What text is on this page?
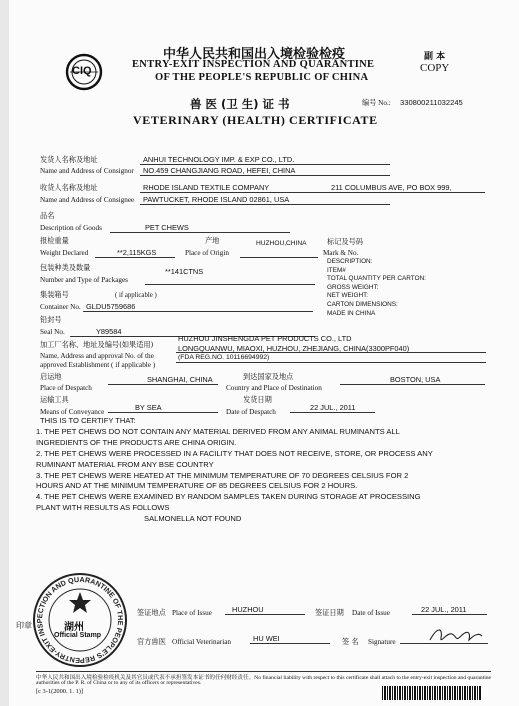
中华人民共和国出入境检验检疫
ENTRY-EXIT INSPECTION AND QUARANTINE
OF THE PEOPLE'S REPUBLIC OF CHINA
副 本
COPY
CIQ
兽 医 (卫 生) 证 书
VETERINARY (HEALTH) CERTIFICATE
编号 No.: 330800211032245
发货人名称及地址
Name and Address of Consignor
ANHUI TECHNOLOGY IMP. & EXP CO., LTD.
NO.459 CHANGJIANG ROAD, HEFEI, CHINA
收货人名称及地址
Name and Address of Consignee
RHODE ISLAND TEXTILE COMPANY	211 COLUMBUS AVE, PO BOX 999,
PAWTUCKET, RHODE ISLAND 02861, USA
品名
Description of Goods	PET CHEWS
报检重量
Weight Declared	**2,115KGS
产地
Place of Origin
HUZHOU,CHINA	标记及号码
Mark & No.
DESCRIPTION:
ITEM#
TOTAL QUANTITY PER CARTON:
GROSS WEIGHT:
NET WEIGHT:
CARTON DIMENSIONS:
MADE IN CHINA
包装种类及数量
Number and Type of Packages
**141CTNS
集装箱号	( if applicable )
Container No. GLDU5759686
铅封号
Seal No.	Y89584
加工厂名称、地址及编号(如果适用)
Name, Address and approval No. of the
approved Establishment ( if applicable )
HUZHOU JINSHENGDA PET PRODUCTS CO., LTD
LONGQUANWU, MIAOXI, HUZHOU, ZHEJIANG, CHINA(3300PF040)
(FDA REG.NO. 10116694992)
启运地
Place of Despatch
SHANGHAI, CHINA	到达国家及地点
Country and Place of Destination
BOSTON, USA
运输工具
Means of Conveyance	BY SEA
发货日期
Date of Despatch	22 JUL., 2011
THIS IS TO CERTIFY THAT:
1. THE PET CHEWS DO NOT CONTAIN ANY MATERIAL DERIVED FROM ANY ANIMAL RUMINANTS ALL
INGREDIENTS OF THE PRODUCTS ARE CHINA ORIGIN.
2. THE PET CHEWS WERE PROCESSED IN A FACILITY THAT DOES NOT RECEIVE, STORE, OR PROCESS ANY
RUMINANT MATERIAL FROM ANY BSE COUNTRY
3. THE PET CHEWS WERE HEATED AT THE MINIMUM TEMPERATURE OF 70 DEGREES CELSIUS FOR 2
HOURS AND AT THE MINIMUM TEMPERATURE OF 85 DEGREES CELSIUS FOR 2 HOURS.
4. THE PET CHEWS WERE EXAMINED BY RANDOM SAMPLES TAKEN DURING STORAGE AT PROCESSING
PLANT WITH RESULTS AS FOLLOWS
SALMONELLA NOT FOUND
ENTRY-EXIT INSPECTION AND QUARANTINE OF THE PEOPLE'S REP
湖州
Official Stamp
印章
签证地点 Place of Issue	HUZHOU	签证日期 Date of Issue	22 JUL., 2011
官方兽医 Official Veterinarian	HU WEI	签 名 Signature
中华人民共和国出入境检验检疫机关及其官员或代表不承担签发本证书的任何财经责任。No financial liability with respect to this certificate shall attach to the entry-exit inspection and quarantine
authorities of the P. R. of China or to any of its officers or representatives.
[c 3-1(2000. 1. 1)]
